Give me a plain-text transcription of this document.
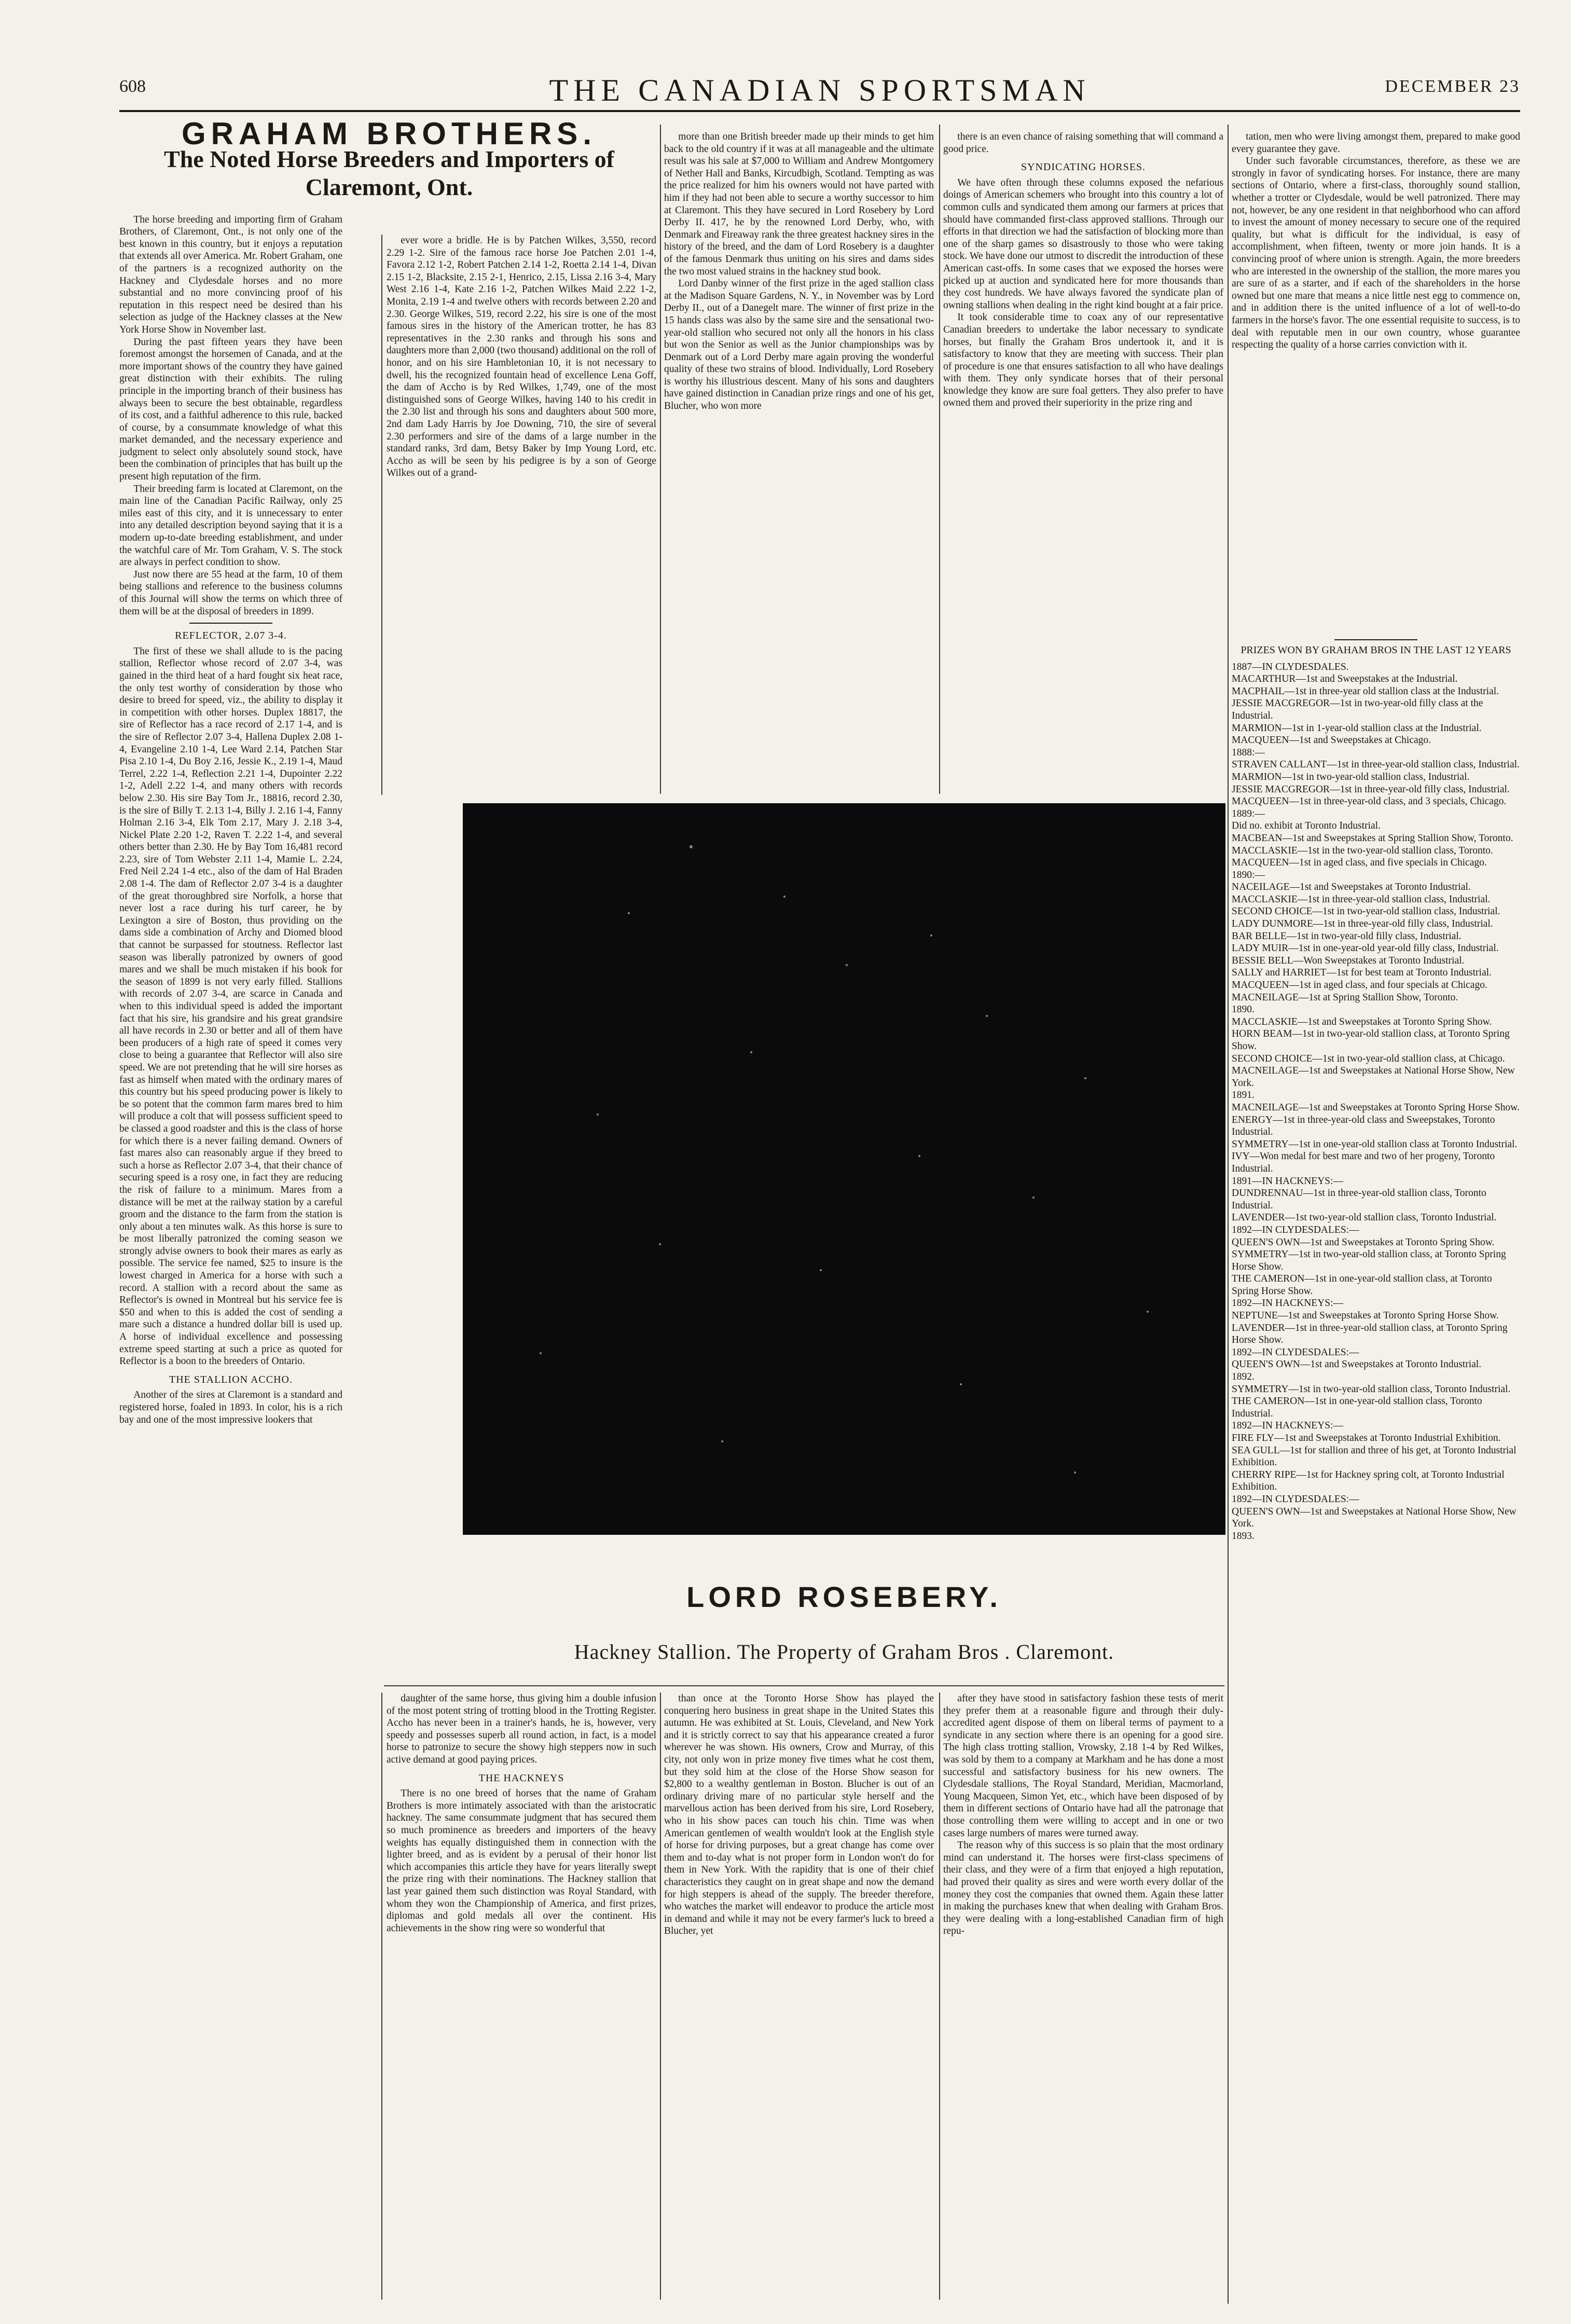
608	THE CANADIAN SPORTSMAN	DECEMBER 23
GRAHAM BROTHERS.
The Noted Horse Breeders and Importers of Claremont, Ont.

The horse breeding and importing firm of Graham Brothers, of Claremont, Ont., is not only one of the best known in this country, but it enjoys a reputation that extends all over America. Mr. Robert Graham, one of the partners is a recognized authority on the Hackney and Clydesdale horses and no more substantial and no more convincing proof of his reputation in this respect need be desired than his selection as judge of the Hackney classes at the New York Horse Show in November last.

During the past fifteen years they have been foremost amongst the horsemen of Canada, and at the more important shows of the country they have gained great distinction with their exhibits. The ruling principle in the importing branch of their business has always been to secure the best obtainable, regardless of its cost, and a faithful adherence to this rule, backed of course, by a consummate knowledge of what this market demanded, and the necessary experience and judgment to select only absolutely sound stock, have been the combination of principles that has built up the present high reputation of the firm.

Their breeding farm is located at Claremont, on the main line of the Canadian Pacific Railway, only 25 miles east of this city, and it is unnecessary to enter into any detailed description beyond saying that it is a modern up-to-date breeding establishment, and under the watchful care of Mr. Tom Graham, V. S. The stock are always in perfect condition to show.

Just now there are 55 head at the farm, 10 of them being stallions and reference to the business columns of this Journal will show the terms on which three of them will be at the disposal of breeders in 1899.

REFLECTOR, 2.07 3-4.

The first of these we shall allude to is the pacing stallion, Reflector whose record of 2.07 3-4, was gained in the third heat of a hard fought six heat race, the only test worthy of consideration by those who desire to breed for speed, viz., the ability to display it in competition with other horses. Duplex 18817, the sire of Reflector has a race record of 2.17 1-4, and is the sire of Reflector 2.07 3-4, Hallena Duplex 2.08 1-4, Evangeline 2.10 1-4, Lee Ward 2.14, Patchen Star Pisa 2.10 1-4, Du Boy 2.16, Jessie K., 2.19 1-4, Maud Terrel, 2.22 1-4, Reflection 2.21 1-4, Dupointer 2.22 1-2, Adell 2.22 1-4, and many others with records below 2.30. His sire Bay Tom Jr., 18816, record 2.30, is the sire of Billy T. 2.13 1-4, Billy J. 2.16 1-4, Fanny Holman 2.16 3-4, Elk Tom 2.17, Mary J. 2.18 3-4, Nickel Plate 2.20 1-2, Raven T. 2.22 1-4, and several others better than 2.30. He by Bay Tom 16,481 record 2.23, sire of Tom Webster 2.11 1-4, Mamie L. 2.24, Fred Neil 2.24 1-4 etc., also of the dam of Hal Braden 2.08 1-4. The dam of Reflector 2.07 3-4 is a daughter of the great thoroughbred sire Norfolk, a horse that never lost a race during his turf career, he by Lexington a sire of Boston, thus providing on the dams side a combination of Archy and Diomed blood that cannot be surpassed for stoutness. Reflector last season was liberally patronized by owners of good mares and we shall be much mistaken if his book for the season of 1899 is not very early filled. Stallions with records of 2.07 3-4, are scarce in Canada and when to this individual speed is added the important fact that his sire, his grandsire and his great grandsire all have records in 2.30 or better and all of them have been producers of a high rate of speed it comes very close to being a guarantee that Reflector will also sire speed. We are not pretending that he will sire horses as fast as himself when mated with the ordinary mares of this country but his speed producing power is likely to be so potent that the common farm mares bred to him will produce a colt that will possess sufficient speed to be classed a good roadster and this is the class of horse for which there is a never failing demand. Owners of fast mares also can reasonably argue if they breed to such a horse as Reflector 2.07 3-4, that their chance of securing speed is a rosy one, in fact they are reducing the risk of failure to a minimum. Mares from a distance will be met at the railway station by a careful groom and the distance to the farm from the station is only about a ten minutes walk. As this horse is sure to be most liberally patronized the coming season we strongly advise owners to book their mares as early as possible. The service fee named, $25 to insure is the lowest charged in America for a horse with such a record. A stallion with a record about the same as Reflector's is owned in Montreal but his service fee is $50 and when to this is added the cost of sending a mare such a distance a hundred dollar bill is used up. A horse of individual excellence and possessing extreme speed starting at such a price as quoted for Reflector is a boon to the breeders of Ontario.

THE STALLION ACCHO.

Another of the sires at Claremont is a standard and registered horse, foaled in 1893. In color, his is a rich bay and one of the most impressive lookers that

ever wore a bridle. He is by Patchen Wilkes, 3,550, record 2.29 1-2. Sire of the famous race horse Joe Patchen 2.01 1-4, Favora 2.12 1-2, Robert Patchen 2.14 1-2, Roetta 2.14 1-4, Divan 2.15 1-2, Blacksite, 2.15 2-1, Henrico, 2.15, Lissa 2.16 3-4, Mary West 2.16 1-4, Kate 2.16 1-2, Patchen Wilkes Maid 2.22 1-2, Monita, 2.19 1-4 and twelve others with records between 2.20 and 2.30. George Wilkes, 519, record 2.22, his sire is one of the most famous sires in the history of the American trotter, he has 83 representatives in the 2.30 ranks and through his sons and daughters more than 2,000 (two thousand) additional on the roll of honor, and on his sire Hambletonian 10, it is not necessary to dwell, his the recognized fountain head of excellence Lena Goff, the dam of Accho is by Red Wilkes, 1,749, one of the most distinguished sons of George Wilkes, having 140 to his credit in the 2.30 list and through his sons and daughters about 500 more, 2nd dam Lady Harris by Joe Downing, 710, the sire of several 2.30 performers and sire of the dams of a large number in the standard ranks, 3rd dam, Betsy Baker by Imp Young Lord, etc. Accho as will be seen by his pedigree is by a son of George Wilkes out of a grand-

more than one British breeder made up their minds to get him back to the old country if it was at all manageable and the ultimate result was his sale at $7,000 to William and Andrew Montgomery of Nether Hall and Banks, Kircudbigh, Scotland. Tempting as was the price realized for him his owners would not have parted with him if they had not been able to secure a worthy successor to him at Claremont. This they have secured in Lord Rosebery by Lord Derby II. 417, he by the renowned Lord Derby, who, with Denmark and Fireaway rank the three greatest hackney sires in the history of the breed, and the dam of Lord Rosebery is a daughter of the famous Denmark thus uniting on his sires and dams sides the two most valued strains in the hackney stud book.

Lord Danby winner of the first prize in the aged stallion class at the Madison Square Gardens, N. Y., in November was by Lord Derby II., out of a Danegelt mare. The winner of first prize in the 15 hands class was also by the same sire and the sensational two-year-old stallion who secured not only all the honors in his class but won the Senior as well as the Junior championships was by Denmark out of a Lord Derby mare again proving the wonderful quality of these two strains of blood. Individually, Lord Rosebery is worthy his illustrious descent. Many of his sons and daughters have gained distinction in Canadian prize rings and one of his get, Blucher, who won more

there is an even chance of raising something that will command a good price.

SYNDICATING HORSES.

We have often through these columns exposed the nefarious doings of American schemers who brought into this country a lot of common culls and syndicated them among our farmers at prices that should have commanded first-class approved stallions. Through our efforts in that direction we had the satisfaction of blocking more than one of the sharp games so disastrously to those who were taking stock. We have done our utmost to discredit the introduction of these American cast-offs. In some cases that we exposed the horses were picked up at auction and syndicated here for more thousands than they cost hundreds. We have always favored the syndicate plan of owning stallions when dealing in the right kind bought at a fair price.

It took considerable time to coax any of our representative Canadian breeders to undertake the labor necessary to syndicate horses, but finally the Graham Bros undertook it, and it is satisfactory to know that they are meeting with success. Their plan of procedure is one that ensures satisfaction to all who have dealings with them. They only syndicate horses that of their personal knowledge they know are sure foal getters. They also prefer to have owned them and proved their superiority in the prize ring and

tation, men who were living amongst them, prepared to make good every guarantee they gave.

Under such favorable circumstances, therefore, as these we are strongly in favor of syndicating horses. For instance, there are many sections of Ontario, where a first-class, thoroughly sound stallion, whether a trotter or Clydesdale, would be well patronized. There may not, however, be any one resident in that neighborhood who can afford to invest the amount of money necessary to secure one of the required quality, but what is difficult for the individual, is easy of accomplishment, when fifteen, twenty or more join hands. It is a convincing proof of where union is strength. Again, the more breeders who are interested in the ownership of the stallion, the more mares you are sure of as a starter, and if each of the shareholders in the horse owned but one mare that means a nice little nest egg to commence on, and in addition there is the united influence of a lot of well-to-do farmers in the horse's favor. The one essential requisite to success, is to deal with reputable men in our own country, whose guarantee respecting the quality of a horse carries conviction with it.

PRIZES WON BY GRAHAM BROS IN THE LAST 12 YEARS
1887—IN CLYDESDALES.
MACARTHUR—1st and Sweepstakes at the Industrial.
MACPHAIL—1st in three-year old stallion class at the Industrial.
JESSIE MACGREGOR—1st in two-year-old filly class at the Industrial.
MARMION—1st in 1-year-old stallion class at the Industrial.
MACQUEEN—1st and Sweepstakes at Chicago.
1888:—
STRAVEN CALLANT—1st in three-year-old stallion class, Industrial.
MARMION—1st in two-year-old stallion class, Industrial.
JESSIE MACGREGOR—1st in three-year-old filly class, Industrial.
MACQUEEN—1st in three-year-old class, and 3 specials, Chicago.
1889:—
Did no. exhibit at Toronto Industrial.
MACBEAN—1st and Sweepstakes at Spring Stallion Show, Toronto.
MACCLASKIE—1st in the two-year-old stallion class, Toronto.
MACQUEEN—1st in aged class, and five specials in Chicago.
1890:—
NACEILAGE—1st and Sweepstakes at Toronto Industrial.
MACCLASKIE—1st in three-year-old stallion class, Industrial.
SECOND CHOICE—1st in two-year-old stallion class, Industrial.
LADY DUNMORE—1st in three-year-old filly class, Industrial.
BAR BELLE—1st in two-year-old filly class, Industrial.
LADY MUIR—1st in one-year-old year-old filly class, Industrial.
BESSIE BELL—Won Sweepstakes at Toronto Industrial.
SALLY and HARRIET—1st for best team at Toronto Industrial.
MACQUEEN—1st in aged class, and four specials at Chicago.
MACNEILAGE—1st at Spring Stallion Show, Toronto.
1890.
MACCLASKIE—1st and Sweepstakes at Toronto Spring Show.
HORN BEAM—1st in two-year-old stallion class, at Toronto Spring Show.
SECOND CHOICE—1st in two-year-old stallion class, at Chicago.
MACNEILAGE—1st and Sweepstakes at National Horse Show, New York.
1891.
MACNEILAGE—1st and Sweepstakes at Toronto Spring Horse Show.
ENERGY—1st in three-year-old class and Sweepstakes, Toronto Industrial.
SYMMETRY—1st in one-year-old stallion class at Toronto Industrial.
IVY—Won medal for best mare and two of her progeny, Toronto Industrial.
1891—IN HACKNEYS:—
DUNDRENNAU—1st in three-year-old stallion class, Toronto Industrial.
LAVENDER—1st two-year-old stallion class, Toronto Industrial.
1892—IN CLYDESDALES:—
QUEEN'S OWN—1st and Sweepstakes at Toronto Spring Show.
SYMMETRY—1st in two-year-old stallion class, at Toronto Spring Horse Show.
THE CAMERON—1st in one-year-old stallion class, at Toronto Spring Horse Show.
1892—IN HACKNEYS:—
NEPTUNE—1st and Sweepstakes at Toronto Spring Horse Show.
LAVENDER—1st in three-year-old stallion class, at Toronto Spring Horse Show.
1892—IN CLYDESDALES:—
QUEEN'S OWN—1st and Sweepstakes at Toronto Industrial.
1892.
SYMMETRY—1st in two-year-old stallion class, Toronto Industrial.
THE CAMERON—1st in one-year-old stallion class, Toronto Industrial.
1892—IN HACKNEYS:—
FIRE FLY—1st and Sweepstakes at Toronto Industrial Exhibition.
SEA GULL—1st for stallion and three of his get, at Toronto Industrial Exhibition.
CHERRY RIPE—1st for Hackney spring colt, at Toronto Industrial Exhibition.
1892—IN CLYDESDALES:—
QUEEN'S OWN—1st and Sweepstakes at National Horse Show, New York.
1893.
LORD ROSEBERY.
Hackney Stallion. The Property of Graham Bros . Claremont.

daughter of the same horse, thus giving him a double infusion of the most potent string of trotting blood in the Trotting Register. Accho has never been in a trainer's hands, he is, however, very speedy and possesses superb all round action, in fact, is a model horse to patronize to secure the showy high steppers now in such active demand at good paying prices.

THE HACKNEYS

There is no one breed of horses that the name of Graham Brothers is more intimately associated with than the aristocratic hackney. The same consummate judgment that has secured them so much prominence as breeders and importers of the heavy weights has equally distinguished them in connection with the lighter breed, and as is evident by a perusal of their honor list which accompanies this article they have for years literally swept the prize ring with their nominations. The Hackney stallion that last year gained them such distinction was Royal Standard, with whom they won the Championship of America, and first prizes, diplomas and gold medals all over the continent. His achievements in the show ring were so wonderful that

than once at the Toronto Horse Show has played the conquering hero business in great shape in the United States this autumn. He was exhibited at St. Louis, Cleveland, and New York and it is strictly correct to say that his appearance created a furor wherever he was shown. His owners, Crow and Murray, of this city, not only won in prize money five times what he cost them, but they sold him at the close of the Horse Show season for $2,800 to a wealthy gentleman in Boston. Blucher is out of an ordinary driving mare of no particular style herself and the marvellous action has been derived from his sire, Lord Rosebery, who in his show paces can touch his chin. Time was when American gentlemen of wealth wouldn't look at the English style of horse for driving purposes, but a great change has come over them and to-day what is not proper form in London won't do for them in New York. With the rapidity that is one of their chief characteristics they caught on in great shape and now the demand for high steppers is ahead of the supply. The breeder therefore, who watches the market will endeavor to produce the article most in demand and while it may not be every farmer's luck to breed a Blucher, yet

after they have stood in satisfactory fashion these tests of merit they prefer them at a reasonable figure and through their duly-accredited agent dispose of them on liberal terms of payment to a syndicate in any section where there is an opening for a good sire. The high class trotting stallion, Vrowsky, 2.18 1-4 by Red Wilkes, was sold by them to a company at Markham and he has done a most successful and satisfactory business for his new owners. The Clydesdale stallions, The Royal Standard, Meridian, Macmorland, Young Macqueen, Simon Yet, etc., which have been disposed of by them in different sections of Ontario have had all the patronage that those controlling them were willing to accept and in one or two cases large numbers of mares were turned away.

The reason why of this success is so plain that the most ordinary mind can understand it. The horses were first-class specimens of their class, and they were of a firm that enjoyed a high reputation, had proved their quality as sires and were worth every dollar of the money they cost the companies that owned them. Again these latter in making the purchases knew that when dealing with Graham Bros. they were dealing with a long-established Canadian firm of high repu-
